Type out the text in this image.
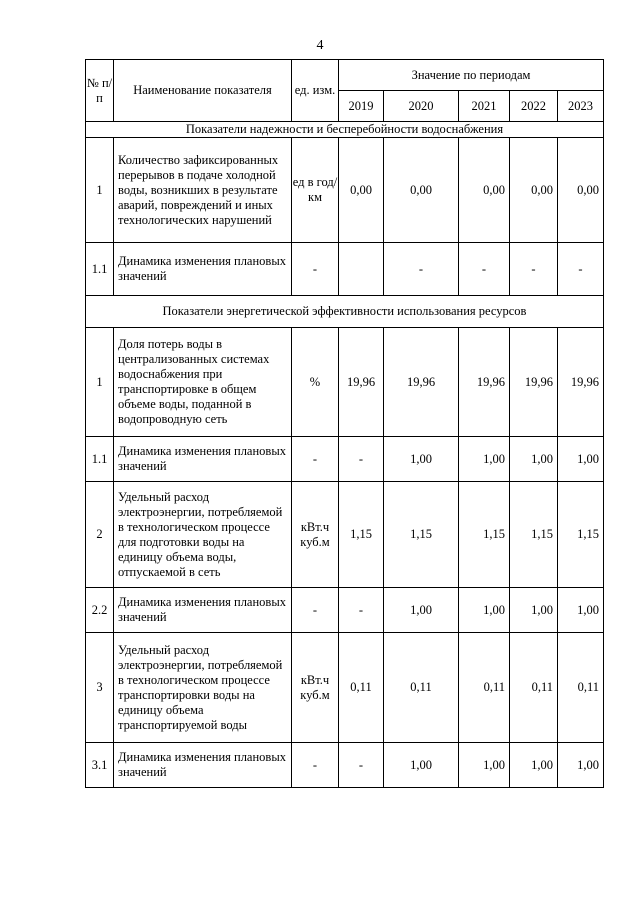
4
№ п/п	Наименование показателя	ед. изм.	Значение по периодам				
			2019	2020	2021	2022	2023
Показатели надежности и бесперебойности водоснабжения							
1	Количество зафиксированных перерывов в подаче холодной воды, возникших в результате аварий, повреждений и иных технологических нарушений	ед в год/км	0,00	0,00	0,00	0,00	0,00
1.1	Динамика изменения плановых значений	-		-	-	-	-
Показатели энергетической эффективности использования ресурсов							
1	Доля потерь воды в централизованных системах водоснабжения при транспортировке в общем объеме воды, поданной в водопроводную сеть	%	19,96	19,96	19,96	19,96	19,96
1.1	Динамика изменения плановых значений	-	-	1,00	1,00	1,00	1,00
2	Удельный расход электроэнергии, потребляемой в технологическом процессе для подготовки воды на единицу объема воды, отпускаемой в сеть	кВт.ч куб.м	1,15	1,15	1,15	1,15	1,15
2.2	Динамика изменения плановых значений	-	-	1,00	1,00	1,00	1,00
3	Удельный расход электроэнергии, потребляемой в технологическом процессе транспортировки воды на единицу объема транспортируемой воды	кВт.ч куб.м	0,11	0,11	0,11	0,11	0,11
3.1	Динамика изменения плановых значений	-	-	1,00	1,00	1,00	1,00
